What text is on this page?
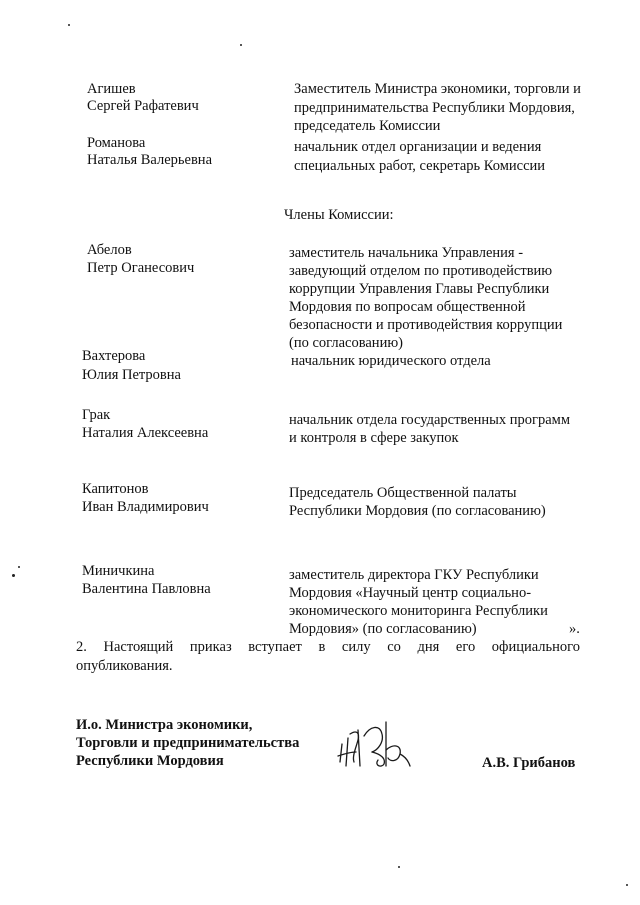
Агишев
Сергей Рафатевич
Заместитель Министра экономики, торговли и
предпринимательства Республики Мордовия,
председатель Комиссии
Романова
Наталья Валерьевна
начальник отдел организации и ведения
специальных работ, секретарь Комиссии
Члены Комиссии:
Абелов
Петр Оганесович
заместитель начальника Управления -
заведующий отделом по противодействию
коррупции Управления Главы Республики
Мордовия по вопросам общественной
безопасности и противодействия коррупции
(по согласованию)
Вахтерова
Юлия Петровна
начальник юридического отдела
Грак
Наталия Алексеевна
начальник отдела государственных программ
и контроля в сфере закупок
Капитонов
Иван Владимирович
Председатель Общественной палаты
Республики Мордовия (по согласованию)
Миничкина
Валентина Павловна
заместитель директора ГКУ Республики
Мордовия «Научный центр социально-
экономического мониторинга Республики
Мордовия» (по согласованию)	».
2. Настоящий приказ вступает в силу со дня его официального
опубликования.
И.о. Министра экономики,
Торговли и предпринимательства
Республики Мордовия	А.В. Грибанов
